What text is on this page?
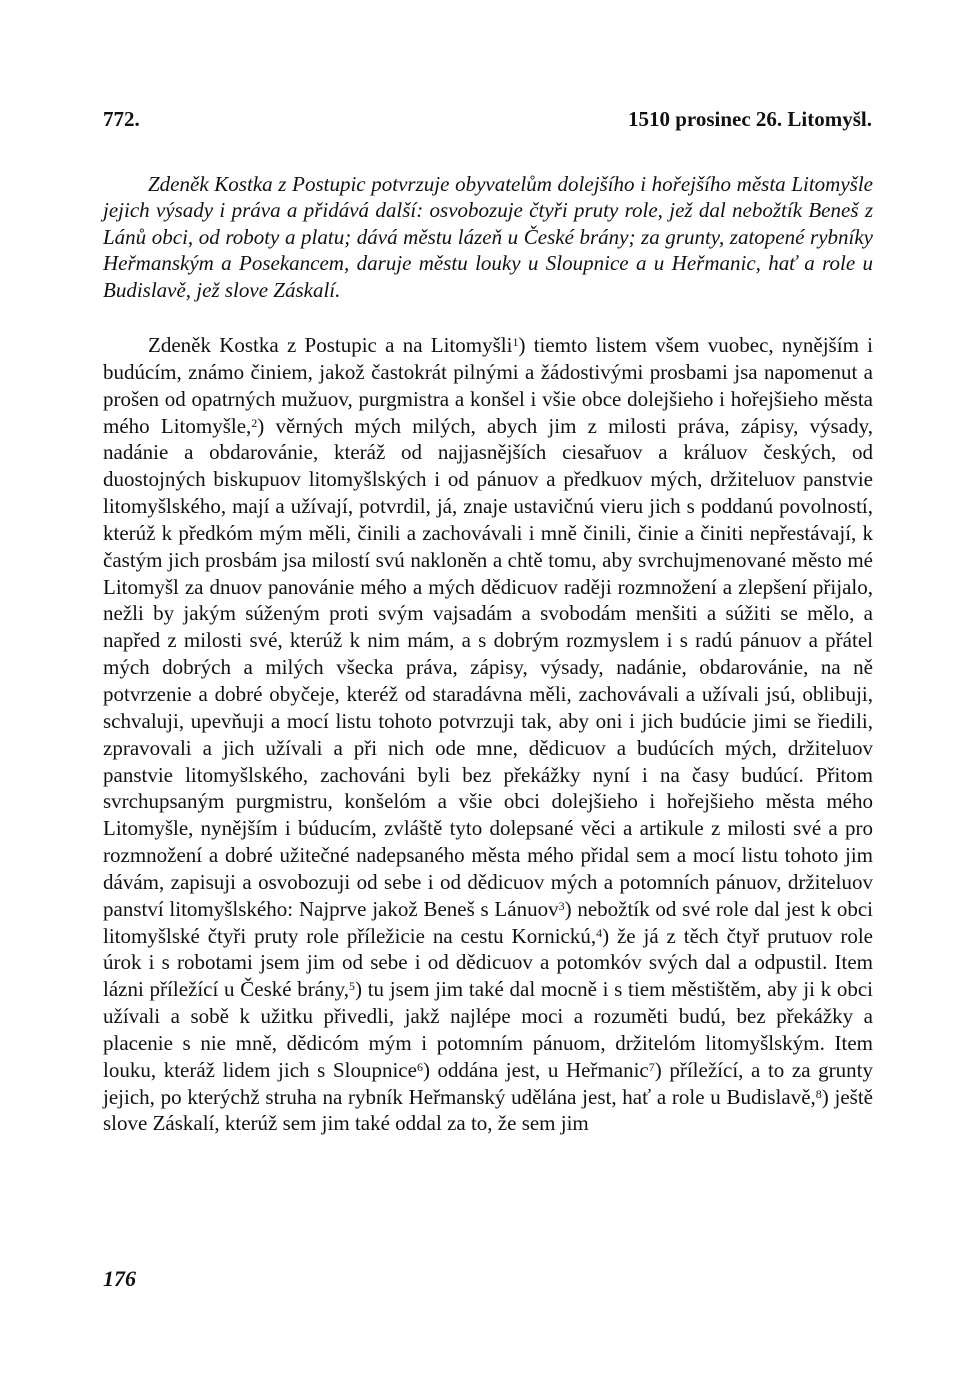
772.	1510 prosinec 26. Litomyšl.

Zdeněk Kostka z Postupic potvrzuje obyvatelům dolejšího i hořejšího města Litomyšle jejich výsady i práva a přidává další: osvobozuje čtyři pruty role, jež dal nebožtík Beneš z Lánů obci, od roboty a platu; dává městu lázeň u České brány; za grunty, zatopené rybníky Heřmanským a Posekancem, daruje městu louky u Sloupnice a u Heřmanic, hať a role u Budislavě, jež slove Záskalí.

Zdeněk Kostka z Postupic a na Litomyšli$^1$) tiemto listem všem vuobec, nynějším i budúcím, známo činiem, jakož častokrát pilnými a žádostivými prosbami jsa napomenut a prošen od opatrných mužuov, purgmistra a konšel i všie obce dolejšieho i hořejšieho města mého Litomyšle,$^2$) věrných mých milých, abych jim z milosti práva, zápisy, výsady, nadánie a obdarovánie, kteráž od najjasnějších ciesařuov a králuov českých, od duostojných biskupuov litomyšlských i od pánuov a předkuov mých, držiteluov panstvie litomyšlského, mají a užívají, potvrdil, já, znaje ustavičnú vieru jich s poddanú povolností, kterúž k předkóm mým měli, činili a zachovávali i mně činili, činie a činiti nepřestávají, k častým jich prosbám jsa milostí svú nakloněn a chtě tomu, aby svrchujmenované město mé Litomyšl za dnuov panovánie mého a mých dědicuov raději rozmnožení a zlepšení přijalo, nežli by jakým súženým proti svým vajsadám a svobodám menšiti a súžiti se mělo, a napřed z milosti své, kterúž k nim mám, a s dobrým rozmyslem i s radú pánuov a přátel mých dobrých a milých všecka práva, zápisy, výsady, nadánie, obdarovánie, na ně potvrzenie a dobré obyčeje, kteréž od staradávna měli, zachovávali a užívali jsú, oblibuji, schvaluji, upevňuji a mocí listu tohoto potvrzuji tak, aby oni i jich budúcie jimi se řiedili, zpravovali a jich užívali a při nich ode mne, dědicuov a budúcích mých, držiteluov panstvie litomyšlského, zachováni byli bez překážky nyní i na časy budúcí. Přitom svrchupsaným purgmistru, konšelóm a všie obci dolejšieho i hořejšieho města mého Litomyšle, nynějším i búducím, zvláště tyto dolepsané věci a artikule z milosti své a pro rozmnožení a dobré užitečné nadepsaného města mého přidal sem a mocí listu tohoto jim dávám, zapisuji a osvobozuji od sebe i od dědicuov mých a potomních pánuov, držiteluov panství litomyšlského: Najprve jakož Beneš s Lánuov$^3$) nebožtík od své role dal jest k obci litomyšlské čtyři pruty role příležicie na cestu Kornickú,$^4$) že já z těch čtyř prutuov role úrok i s robotami jsem jim od sebe i od dědicuov a potomkóv svých dal a odpustil. Item lázni příležící u České brány,$^5$) tu jsem jim také dal mocně i s tiem městištěm, aby ji k obci užívali a sobě k užitku přivedli, jakž najlépe moci a rozuměti budú, bez překážky a placenie s nie mně, dědicóm mým i potomním pánuom, držitelóm litomyšlským. Item louku, kteráž lidem jich s Sloupnice$^6$) oddána jest, u Heřmanic$^7$) příležící, a to za grunty jejich, po kterýchž struha na rybník Heřmanský udělána jest, hať a role u Budislavě,$^8$) ještě slove Záskalí, kterúž sem jim také oddal za to, že sem jim

176
